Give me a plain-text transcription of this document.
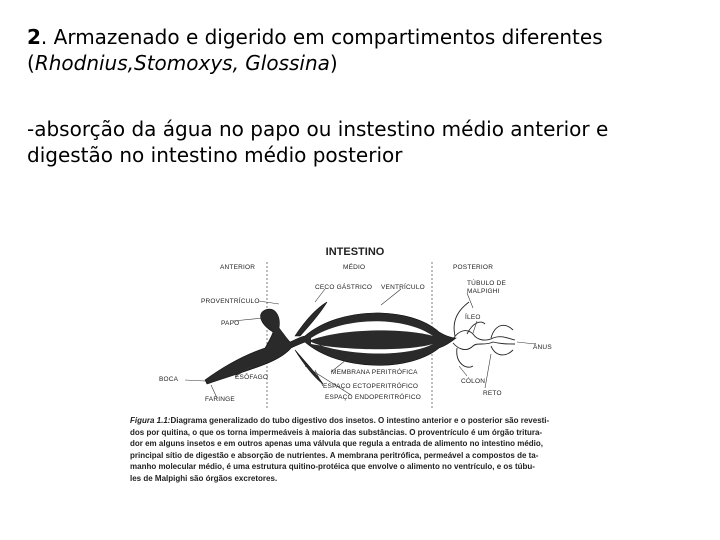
2. Armazenado e digerido em compartimentos diferentes
(Rhodnius,Stomoxys, Glossina)
-absorção da água no papo ou instestino médio anterior e
digestão no intestino médio posterior
INTESTINO
ANTERIOR	MÉDIO	POSTERIOR
PROVENTRÍCULO
PAPO
BOCA	ESÔFAGO
FARINGE
CECO GÁSTRICO VENTRÍCULO
TÚBULO DE
MALPIGHI
ÍLEO
ÂNUS
MEMBRANA PERITRÓFICA
ESPAÇO ECTOPERITRÓFICO
ESPAÇO ENDOPERITRÓFICO
CÓLON
RETO
Figura 1.1:Diagrama generalizado do tubo digestivo dos insetos. O intestino anterior e o posterior são revesti-
dos por quitina, o que os torna impermeáveis à maioria das substâncias. O proventrículo é um órgão tritura-
dor em alguns insetos e em outros apenas uma válvula que regula a entrada de alimento no intestino médio,
principal sítio de digestão e absorção de nutrientes. A membrana peritrófica, permeável a compostos de ta-
manho molecular médio, é uma estrutura quitino-protéica que envolve o alimento no ventrículo, e os túbu-
les de Malpighi são órgãos excretores.
